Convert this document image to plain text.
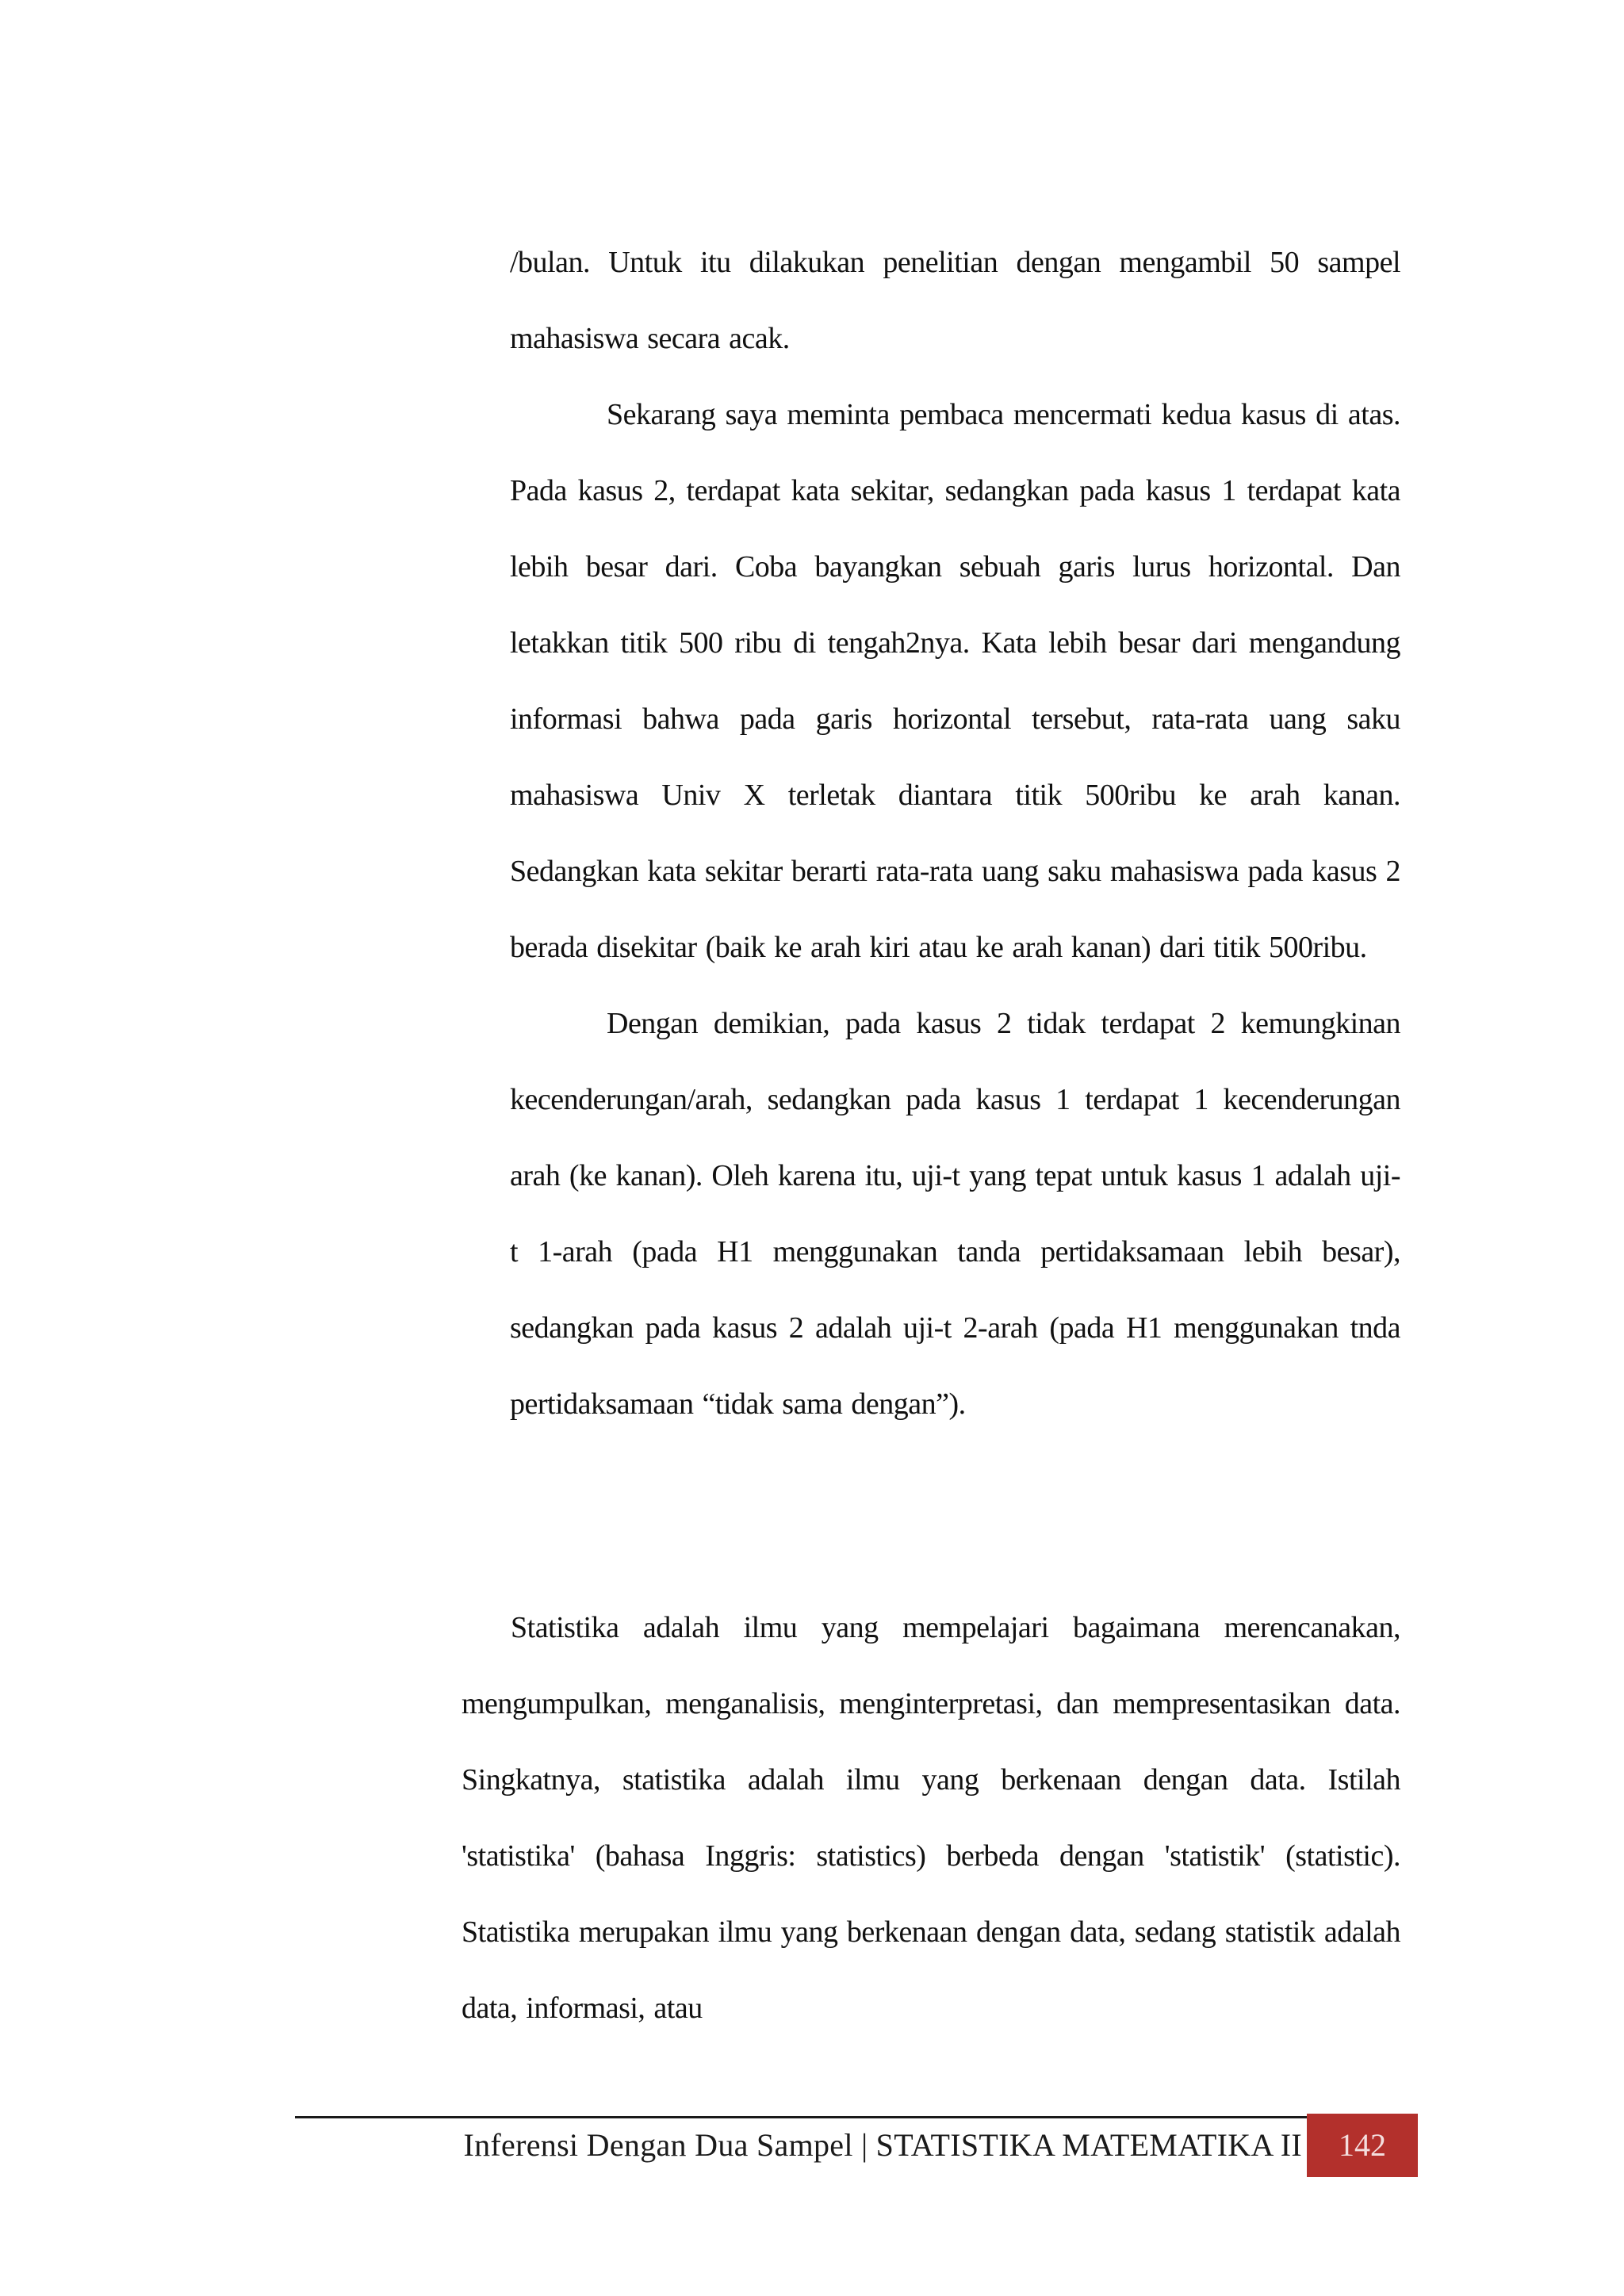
/bulan. Untuk itu dilakukan penelitian dengan mengambil 50 sampel mahasiswa secara acak.

Sekarang saya meminta pembaca mencermati kedua kasus di atas. Pada kasus 2, terdapat kata sekitar, sedangkan pada kasus 1 terdapat kata lebih besar dari. Coba bayangkan sebuah garis lurus horizontal. Dan letakkan titik 500 ribu di tengah2nya. Kata lebih besar dari mengandung informasi bahwa pada garis horizontal tersebut, rata-rata uang saku mahasiswa Univ X terletak diantara titik 500ribu ke arah kanan. Sedangkan kata sekitar berarti rata-rata uang saku mahasiswa pada kasus 2 berada disekitar (baik ke arah kiri atau ke arah kanan) dari titik 500ribu.

Dengan demikian, pada kasus 2 tidak terdapat 2 kemungkinan kecenderungan/arah, sedangkan pada kasus 1 terdapat 1 kecenderungan arah (ke kanan). Oleh karena itu, uji-t yang tepat untuk kasus 1 adalah uji-t 1-arah (pada H1 menggunakan tanda pertidaksamaan lebih besar), sedangkan pada kasus 2 adalah uji-t 2-arah (pada H1 menggunakan tnda pertidaksamaan “tidak sama dengan”).

Statistika adalah ilmu yang mempelajari bagaimana merencanakan, mengumpulkan, menganalisis, menginterpretasi, dan mempresentasikan data. Singkatnya, statistika adalah ilmu yang berkenaan dengan data. Istilah 'statistika' (bahasa Inggris: statistics) berbeda dengan 'statistik' (statistic). Statistika merupakan ilmu yang berkenaan dengan data, sedang statistik adalah data, informasi, atau

Inferensi Dengan Dua Sampel | STATISTIKA MATEMATIKA II	142
